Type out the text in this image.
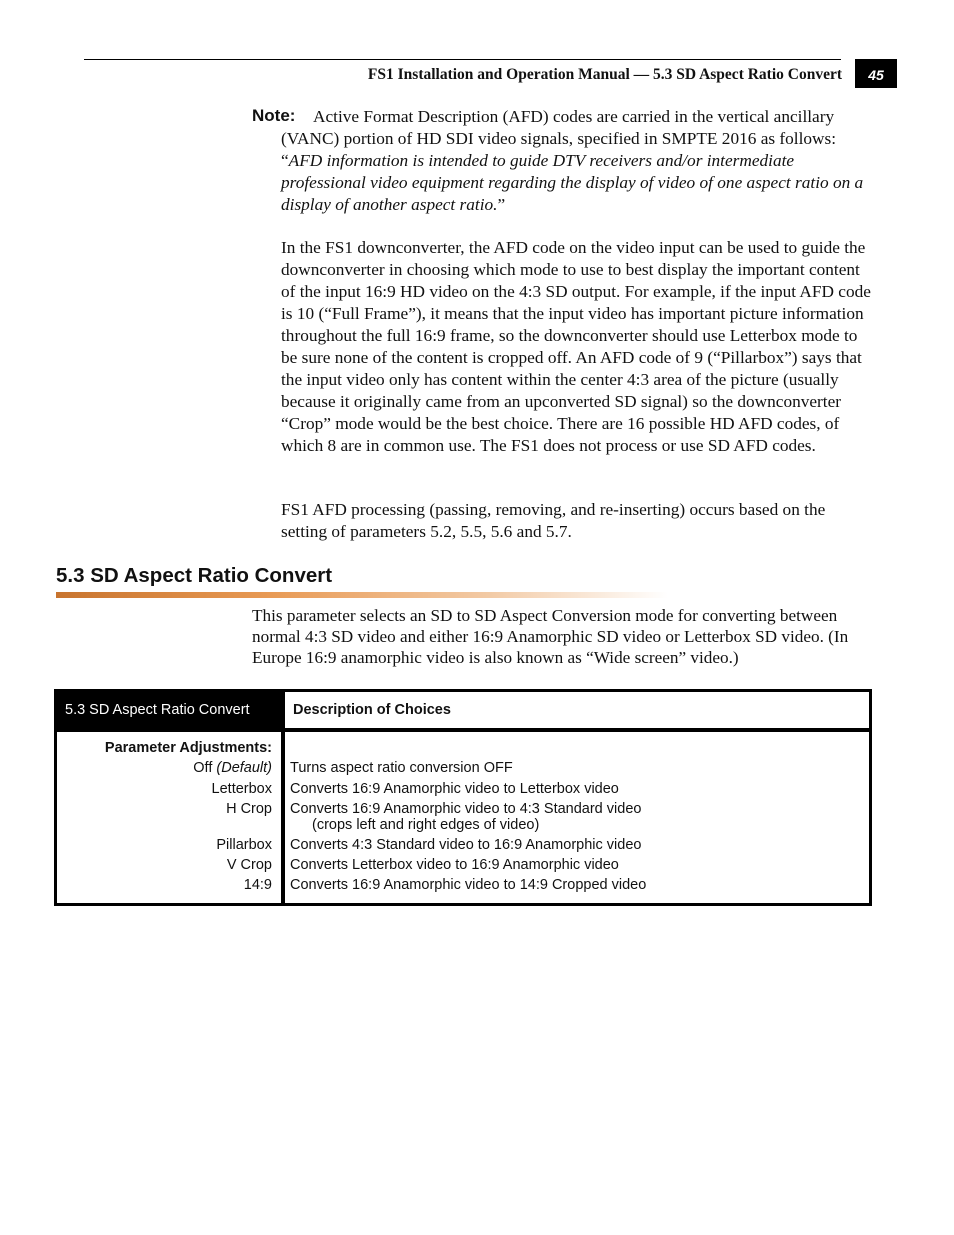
FS1 Installation and Operation Manual — 5.3 SD Aspect Ratio Convert	45
Note:	Active Format Description (AFD) codes are carried in the vertical ancillary (VANC) portion of HD SDI video signals, specified in SMPTE 2016 as follows: “AFD information is intended to guide DTV receivers and/or intermediate professional video equipment regarding the display of video of one aspect ratio on a display of another aspect ratio.”
In the FS1 downconverter, the AFD code on the video input can be used to guide the downconverter in choosing which mode to use to best display the important content of the input 16:9 HD video on the 4:3 SD output. For example, if the input AFD code is 10 (“Full Frame”), it means that the input video has important picture information throughout the full 16:9 frame, so the downconverter should use Letterbox mode to be sure none of the content is cropped off. An AFD code of 9 (“Pillarbox”) says that the input video only has content within the center 4:3 area of the picture (usually because it originally came from an upconverted SD signal) so the downconverter “Crop” mode would be the best choice. There are 16 possible HD AFD codes, of which 8 are in common use. The FS1 does not process or use SD AFD codes.
FS1 AFD processing (passing, removing, and re-inserting) occurs based on the setting of parameters 5.2, 5.5, 5.6 and 5.7.
5.3 SD Aspect Ratio Convert
This parameter selects an SD to SD Aspect Conversion mode for converting between normal 4:3 SD video and either 16:9 Anamorphic SD video or Letterbox SD video. (In Europe 16:9 anamorphic video is also known as “Wide screen” video.)
5.3 SD Aspect Ratio Convert	Description of Choices
Parameter Adjustments:
Off (Default) Turns aspect ratio conversion OFF
Letterbox Converts 16:9 Anamorphic video to Letterbox video
H Crop Converts 16:9 Anamorphic video to 4:3 Standard video
(crops left and right edges of video)
Pillarbox Converts 4:3 Standard video to 16:9 Anamorphic video
V Crop Converts Letterbox video to 16:9 Anamorphic video
14:9 Converts 16:9 Anamorphic video to 14:9 Cropped video
